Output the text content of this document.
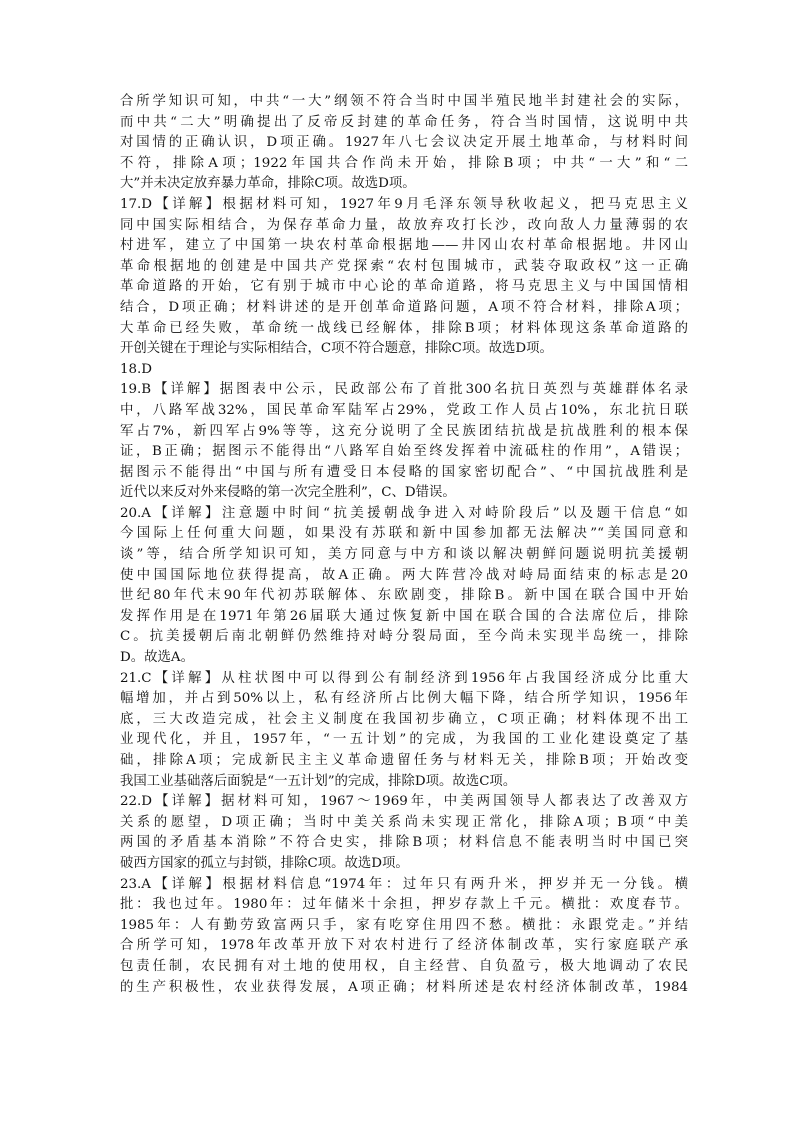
合所学知识可知，中共“一大”纲领不符合当时中国半殖民地半封建社会的实际，
而中共“二大”明确提出了反帝反封建的革命任务，符合当时国情，这说明中共
对国情的正确认识，D项正确。1927年八七会议决定开展土地革命，与材料时间
不符，排除A项；1922年国共合作尚未开始，排除B项；中共“一大”和“二
大”并未决定放弃暴力革命，排除C项。故选D项。
17.D【详解】根据材料可知，1927年9月毛泽东领导秋收起义，把马克思主义
同中国实际相结合，为保存革命力量，故放弃攻打长沙，改向敌人力量薄弱的农
村进军，建立了中国第一块农村革命根据地——井冈山农村革命根据地。井冈山
革命根据地的创建是中国共产党探索“农村包围城市，武装夺取政权”这一正确
革命道路的开始，它有别于城市中心论的革命道路，将马克思主义与中国国情相
结合，D项正确；材料讲述的是开创革命道路问题，A项不符合材料，排除A项；
大革命已经失败，革命统一战线已经解体，排除B项；材料体现这条革命道路的
开创关键在于理论与实际相结合，C项不符合题意，排除C项。故选D项。
18.D
19.B【详解】据图表中公示，民政部公布了首批300名抗日英烈与英雄群体名录
中，八路军战32%，国民革命军陆军占29%，党政工作人员占10%，东北抗日联
军占7%，新四军占9%等等，这充分说明了全民族团结抗战是抗战胜利的根本保
证，B正确；据图示不能得出“八路军自始至终发挥着中流砥柱的作用”，A错误；
据图示不能得出“中国与所有遭受日本侵略的国家密切配合”、“中国抗战胜利是
近代以来反对外来侵略的第一次完全胜利”，C、D错误。
20.A【详解】注意题中时间“抗美援朝战争进入对峙阶段后”以及题干信息“如
今国际上任何重大问题，如果没有苏联和新中国参加都无法解决”“美国同意和
谈”等，结合所学知识可知，美方同意与中方和谈以解决朝鲜问题说明抗美援朝
使中国国际地位获得提高，故A正确。两大阵营冷战对峙局面结束的标志是20
世纪80年代末90年代初苏联解体、东欧剧变，排除B。新中国在联合国中开始
发挥作用是在1971年第26届联大通过恢复新中国在联合国的合法席位后，排除
C。抗美援朝后南北朝鲜仍然维持对峙分裂局面，至今尚未实现半岛统一，排除
D。故选A。
21.C【详解】从柱状图中可以得到公有制经济到1956年占我国经济成分比重大
幅增加，并占到50%以上，私有经济所占比例大幅下降，结合所学知识，1956年
底，三大改造完成，社会主义制度在我国初步确立，C项正确；材料体现不出工
业现代化，并且，1957年，“一五计划”的完成，为我国的工业化建设奠定了基
础，排除A项；完成新民主主义革命遗留任务与材料无关，排除B项；开始改变
我国工业基础落后面貌是“一五计划”的完成，排除D项。故选C项。
22.D【详解】据材料可知，1967～1969年，中美两国领导人都表达了改善双方
关系的愿望，D项正确；当时中美关系尚未实现正常化，排除A项；B项“中美
两国的矛盾基本消除”不符合史实，排除B项；材料信息不能表明当时中国已突
破西方国家的孤立与封锁，排除C项。故选D项。
23.A【详解】根据材料信息“1974年：过年只有两升米，押岁并无一分钱。横
批：我也过年。1980年：过年储米十余担，押岁存款上千元。横批：欢度春节。
1985年：人有勤劳致富两只手，家有吃穿住用四不愁。横批：永跟党走。”并结
合所学可知，1978年改革开放下对农村进行了经济体制改革，实行家庭联产承
包责任制，农民拥有对土地的使用权，自主经营、自负盈亏，极大地调动了农民
的生产积极性，农业获得发展，A项正确；材料所述是农村经济体制改革，1984
